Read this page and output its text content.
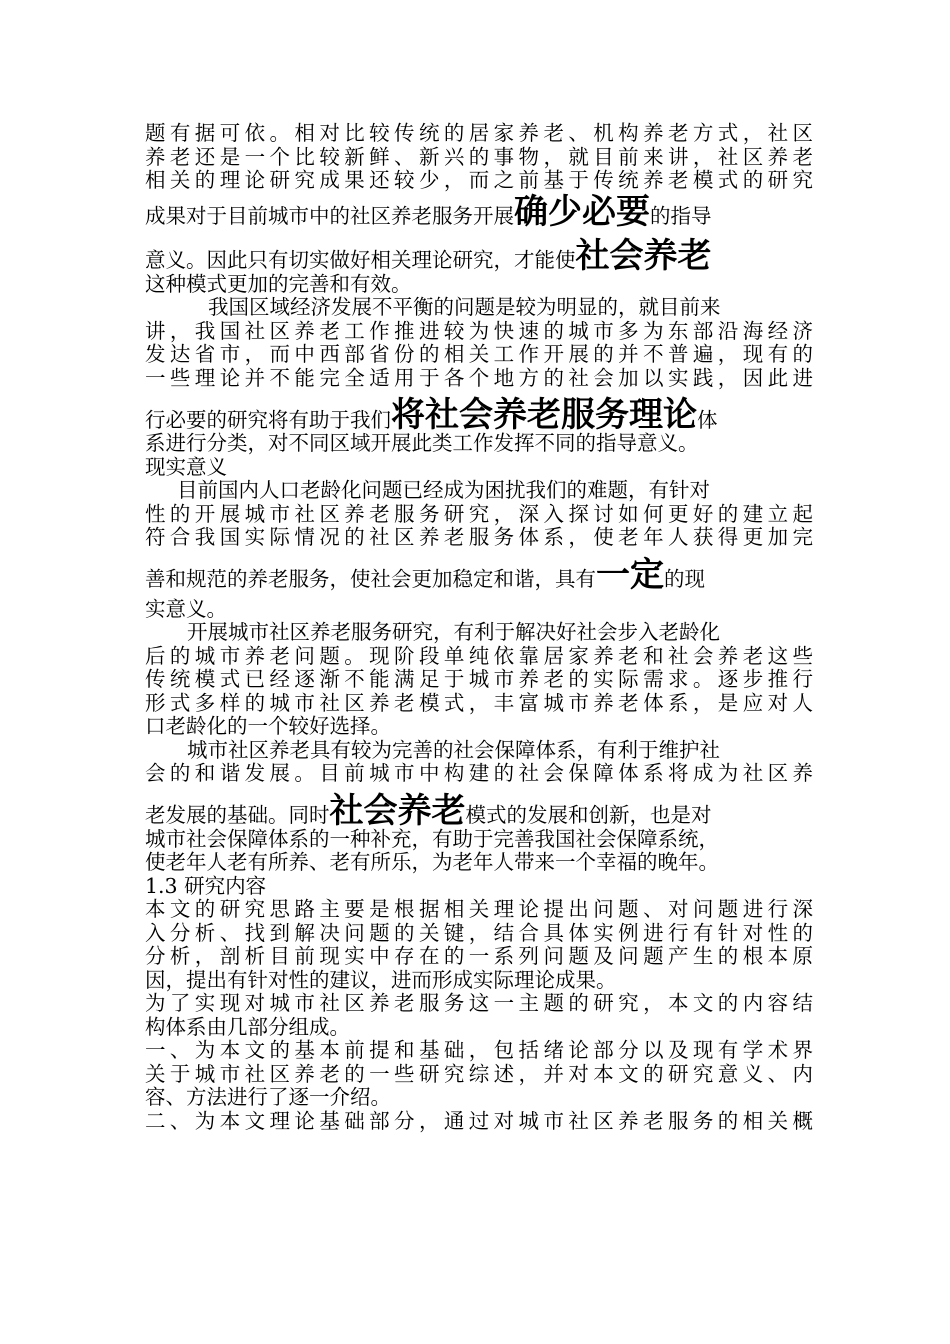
题有据可依。相对比较传统的居家养老、机构养老方式，社区
养老还是一个比较新鲜、新兴的事物，就目前来讲，社区养老
相关的理论研究成果还较少，而之前基于传统养老模式的研究
成果对于目前城市中的社区养老服务开展 确少必要 的指导
意义。因此只有切实做好相关理论研究，才能使 社会养老
这种模式更加的完善和有效。
我国区域经济发展不平衡的问题是较为明显的，就目前来
讲，我国社区养老工作推进较为快速的城市多为东部沿海经济
发达省市，而中西部省份的相关工作开展的并不普遍，现有的
一些理论并不能完全适用于各个地方的社会加以实践，因此进
行必要的研究将有助于我们 将社会养老服务理论 体
系进行分类，对不同区域开展此类工作发挥不同的指导意义。
现实意义
目前国内人口老龄化问题已经成为困扰我们的难题，有针对
性的开展城市社区养老服务研究，深入探讨如何更好的建立起
符合我国实际情况的社区养老服务体系，使老年人获得更加完
善和规范的养老服务，使社会更加稳定和谐，具有 一定 的现
实意义。
开展城市社区养老服务研究，有利于解决好社会步入老龄化
后的城市养老问题。现阶段单纯依靠居家养老和社会养老这些
传统模式已经逐渐不能满足于城市养老的实际需求。逐步推行
形式多样的城市社区养老模式，丰富城市养老体系，是应对人
口老龄化的一个较好选择。
城市社区养老具有较为完善的社会保障体系，有利于维护社
会的和谐发展。目前城市中构建的社会保障体系将成为社区养
老发展的基础。同时 社会养老 模式的发展和创新，也是对
城市社会保障体系的一种补充，有助于完善我国社会保障系统，
使老年人老有所养、老有所乐，为老年人带来一个幸福的晚年。
1.3 研究内容
本文的研究思路主要是根据相关理论提出问题、对问题进行深
入分析、找到解决问题的关键，结合具体实例进行有针对性的
分析，剖析目前现实中存在的一系列问题及问题产生的根本原
因，提出有针对性的建议，进而形成实际理论成果。
为了实现对城市社区养老服务这一主题的研究，本文的内容结
构体系由几部分组成。
一、为本文的基本前提和基础，包括绪论部分以及现有学术界
关于城市社区养老的一些研究综述，并对本文的研究意义、内
容、方法进行了逐一介绍。
二、为本文理论基础部分，通过对城市社区养老服务的相关概
